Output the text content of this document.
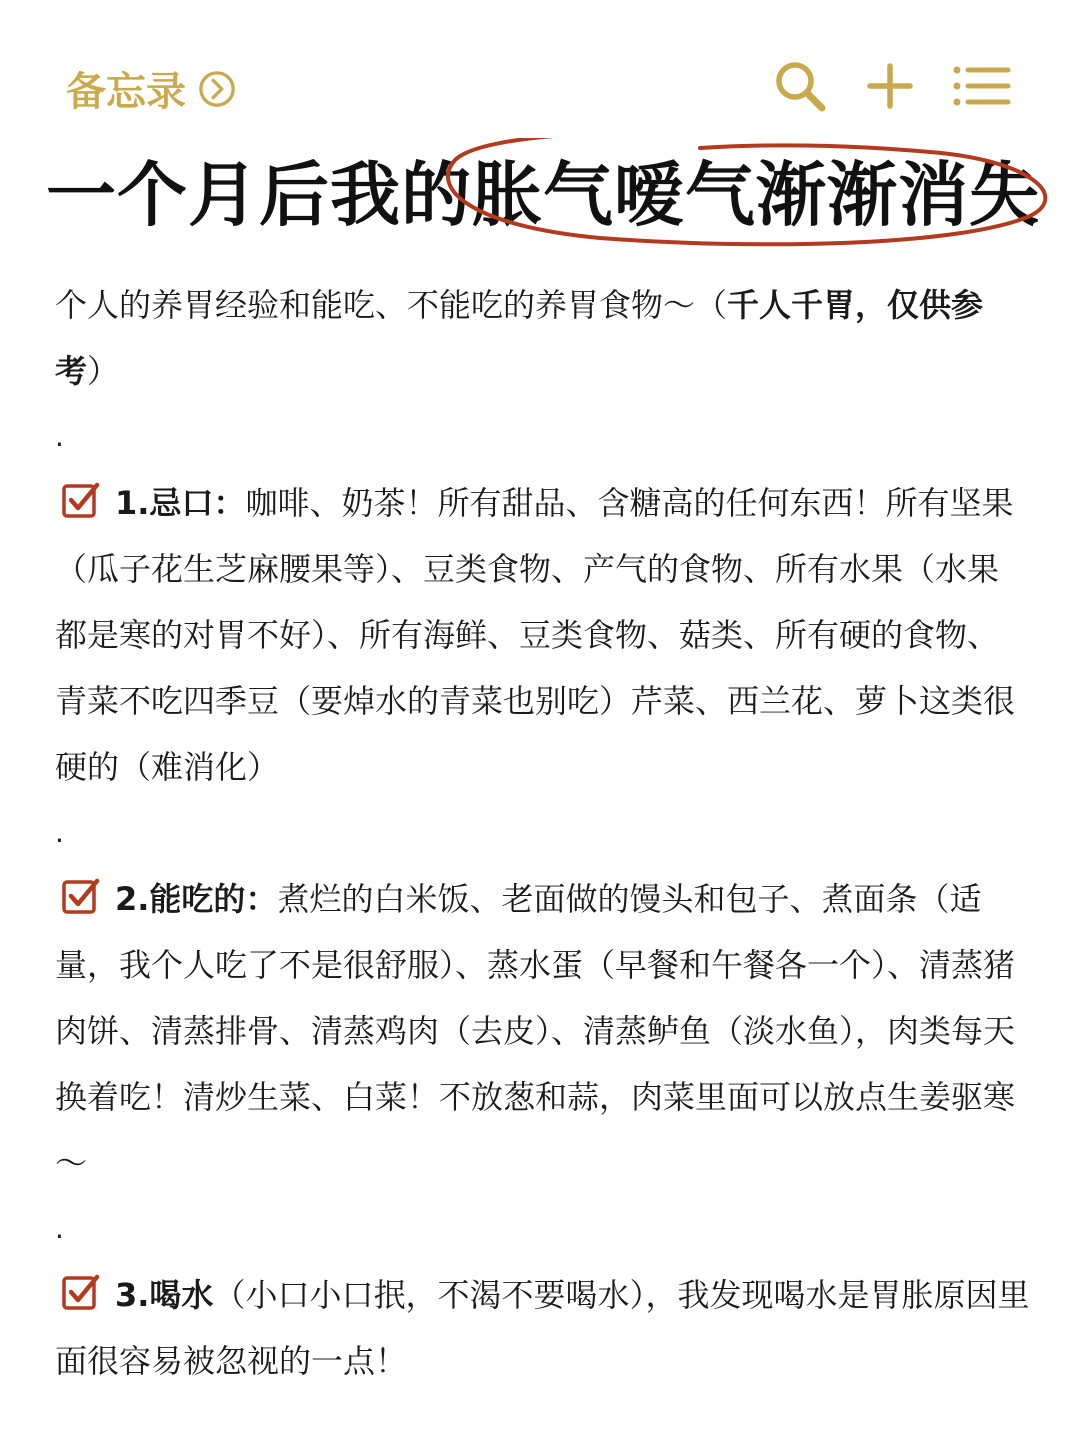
备忘录
一个月后我的胀气嗳气渐渐消失

个人的养胃经验和能吃、不能吃的养胃食物～（千人千胃，仅供参考）

.

1.忌口：咖啡、奶茶！所有甜品、含糖高的任何东西！所有坚果（瓜子花生芝麻腰果等）、豆类食物、产气的食物、所有水果（水果都是寒的对胃不好）、所有海鲜、豆类食物、菇类、所有硬的食物、青菜不吃四季豆（要焯水的青菜也别吃）芹菜、西兰花、萝卜这类很硬的（难消化）

.

2.能吃的：煮烂的白米饭、老面做的馒头和包子、煮面条（适量，我个人吃了不是很舒服）、蒸水蛋（早餐和午餐各一个）、清蒸猪肉饼、清蒸排骨、清蒸鸡肉（去皮）、清蒸鲈鱼（淡水鱼），肉类每天换着吃！清炒生菜、白菜！不放葱和蒜，肉菜里面可以放点生姜驱寒～

.

3.喝水（小口小口抿，不渴不要喝水），我发现喝水是胃胀原因里面很容易被忽视的一点！
